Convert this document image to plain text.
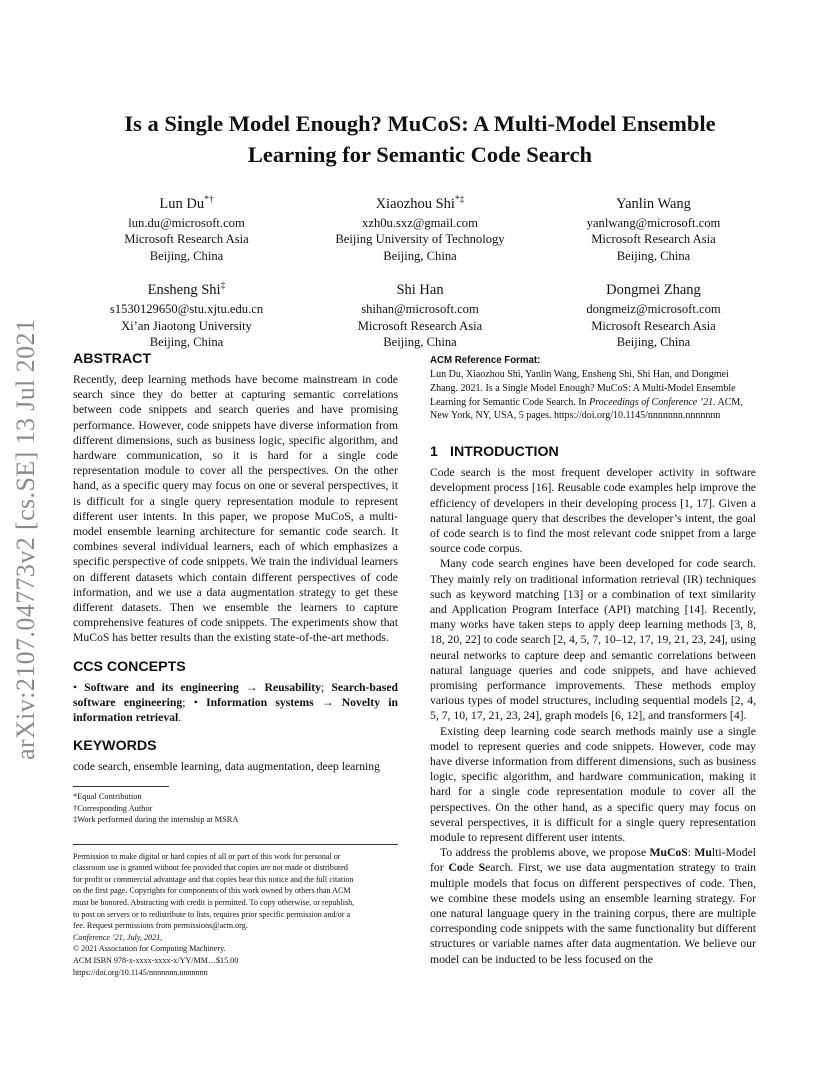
arXiv:2107.04773v2 [cs.SE] 13 Jul 2021
Is a Single Model Enough? MuCoS: A Multi-Model Ensemble
Learning for Semantic Code Search
Lun Du*†
lun.du@microsoft.com
Microsoft Research Asia
Beijing, China
Xiaozhou Shi*‡
xzh0u.sxz@gmail.com
Beijing University of Technology
Beijing, China
Yanlin Wang
yanlwang@microsoft.com
Microsoft Research Asia
Beijing, China
Ensheng Shi‡
s1530129650@stu.xjtu.edu.cn
Xi’an Jiaotong University
Beijing, China
Shi Han
shihan@microsoft.com
Microsoft Research Asia
Beijing, China
Dongmei Zhang
dongmeiz@microsoft.com
Microsoft Research Asia
Beijing, China
ABSTRACT

Recently, deep learning methods have become mainstream in code search since they do better at capturing semantic correlations between code snippets and search queries and have promising performance. However, code snippets have diverse information from different dimensions, such as business logic, specific algorithm, and hardware communication, so it is hard for a single code representation module to cover all the perspectives. On the other hand, as a specific query may focus on one or several perspectives, it is difficult for a single query representation module to represent different user intents. In this paper, we propose MuCoS, a multi-model ensemble learning architecture for semantic code search. It combines several individual learners, each of which emphasizes a specific perspective of code snippets. We train the individual learners on different datasets which contain different perspectives of code information, and we use a data augmentation strategy to get these different datasets. Then we ensemble the learners to capture comprehensive features of code snippets. The experiments show that MuCoS has better results than the existing state-of-the-art methods.

CCS CONCEPTS

• Software and its engineering → Reusability; Search-based software engineering; • Information systems → Novelty in information retrieval.

KEYWORDS

code search, ensemble learning, data augmentation, deep learning

*Equal Contribution
†Corresponding Author
‡Work performed during the internship at MSRA
Permission to make digital or hard copies of all or part of this work for personal or
classroom use is granted without fee provided that copies are not made or distributed
for profit or commercial advantage and that copies bear this notice and the full citation
on the first page. Copyrights for components of this work owned by others than ACM
must be honored. Abstracting with credit is permitted. To copy otherwise, or republish,
to post on servers or to redistribute to lists, requires prior specific permission and/or a
fee. Request permissions from permissions@acm.org.
Conference ’21, July, 2021,
© 2021 Association for Computing Machinery.
ACM ISBN 978-x-xxxx-xxxx-x/YY/MM…$15.00
https://doi.org/10.1145/nnnnnnn.nnnnnnn
ACM Reference Format:

Lun Du, Xiaozhou Shi, Yanlin Wang, Ensheng Shi, Shi Han, and Dongmei Zhang. 2021. Is a Single Model Enough? MuCoS: A Multi-Model Ensemble Learning for Semantic Code Search. In Proceedings of Conference ’21. ACM, New York, NY, USA, 5 pages. https://doi.org/10.1145/nnnnnnn.nnnnnnn

1 INTRODUCTION

Code search is the most frequent developer activity in software development process [16]. Reusable code examples help improve the efficiency of developers in their developing process [1, 17]. Given a natural language query that describes the developer’s intent, the goal of code search is to find the most relevant code snippet from a large source code corpus.

Many code search engines have been developed for code search. They mainly rely on traditional information retrieval (IR) techniques such as keyword matching [13] or a combination of text similarity and Application Program Interface (API) matching [14]. Recently, many works have taken steps to apply deep learning methods [3, 8, 18, 20, 22] to code search [2, 4, 5, 7, 10–12, 17, 19, 21, 23, 24], using neural networks to capture deep and semantic correlations between natural language queries and code snippets, and have achieved promising performance improvements. These methods employ various types of model structures, including sequential models [2, 4, 5, 7, 10, 17, 21, 23, 24], graph models [6, 12], and transformers [4].

Existing deep learning code search methods mainly use a single model to represent queries and code snippets. However, code may have diverse information from different dimensions, such as business logic, specific algorithm, and hardware communication, making it hard for a single code representation module to cover all the perspectives. On the other hand, as a specific query may focus on several perspectives, it is difficult for a single query representation module to represent different user intents.

To address the problems above, we propose MuCoS: Multi-Model for Code Search. First, we use data augmentation strategy to train multiple models that focus on different perspectives of code. Then, we combine these models using an ensemble learning strategy. For one natural language query in the training corpus, there are multiple corresponding code snippets with the same functionality but different structures or variable names after data augmentation. We believe our model can be inducted to be less focused on the
